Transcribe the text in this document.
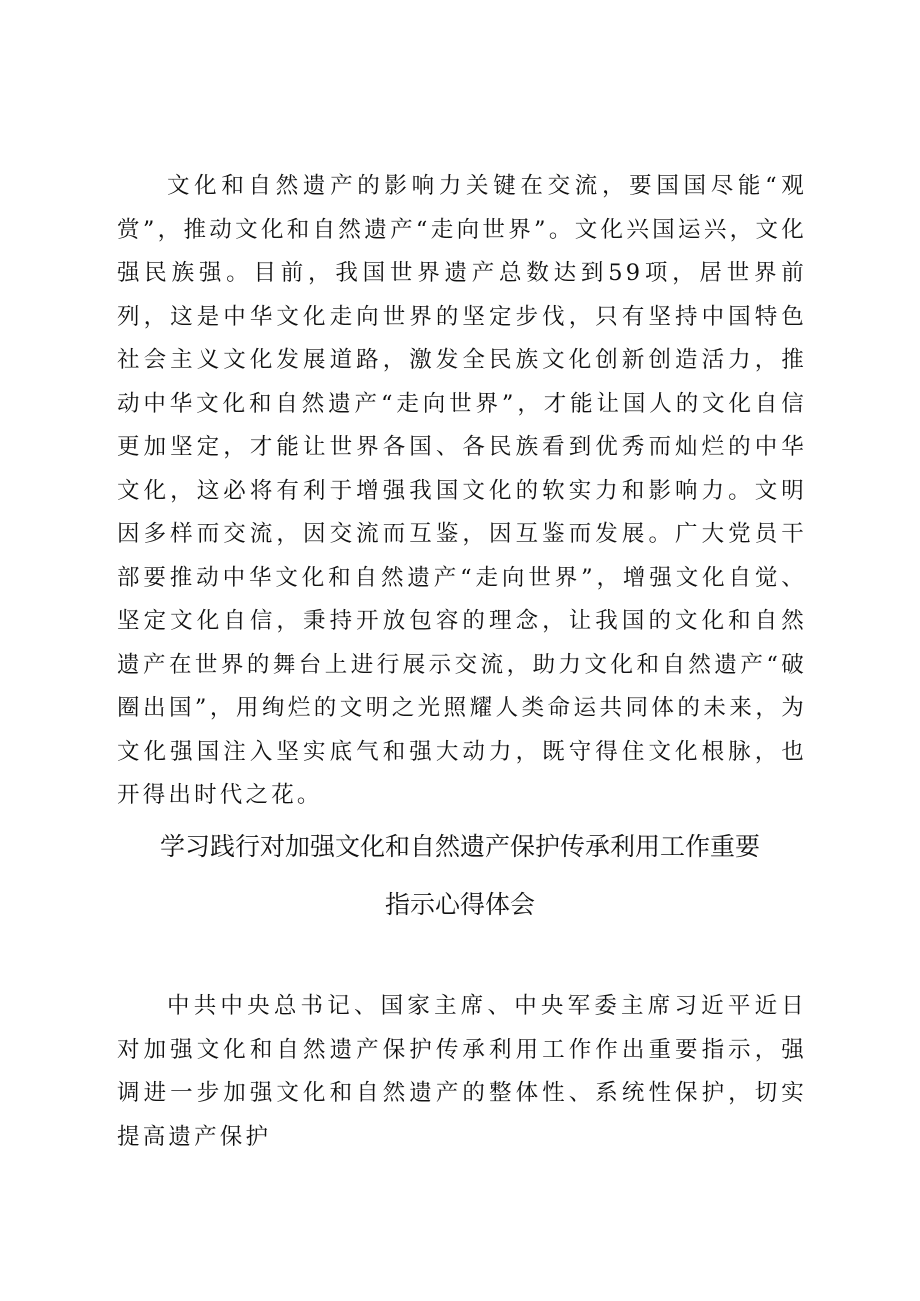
文化和自然遗产的影响力关键在交流，要国国尽能“观赏”，推动文化和自然遗产“走向世界”。文化兴国运兴，文化强民族强。目前，我国世界遗产总数达到59项，居世界前列，这是中华文化走向世界的坚定步伐，只有坚持中国特色社会主义文化发展道路，激发全民族文化创新创造活力，推动中华文化和自然遗产“走向世界”，才能让国人的文化自信更加坚定，才能让世界各国、各民族看到优秀而灿烂的中华文化，这必将有利于增强我国文化的软实力和影响力。文明因多样而交流，因交流而互鉴，因互鉴而发展。广大党员干部要推动中华文化和自然遗产“走向世界”，增强文化自觉、坚定文化自信，秉持开放包容的理念，让我国的文化和自然遗产在世界的舞台上进行展示交流，助力文化和自然遗产“破圈出国”，用绚烂的文明之光照耀人类命运共同体的未来，为文化强国注入坚实底气和强大动力，既守得住文化根脉，也开得出时代之花。

学习践行对加强文化和自然遗产保护传承利用工作重要
指示心得体会

中共中央总书记、国家主席、中央军委主席习近平近日对加强文化和自然遗产保护传承利用工作作出重要指示，强调进一步加强文化和自然遗产的整体性、系统性保护，切实提高遗产保护
